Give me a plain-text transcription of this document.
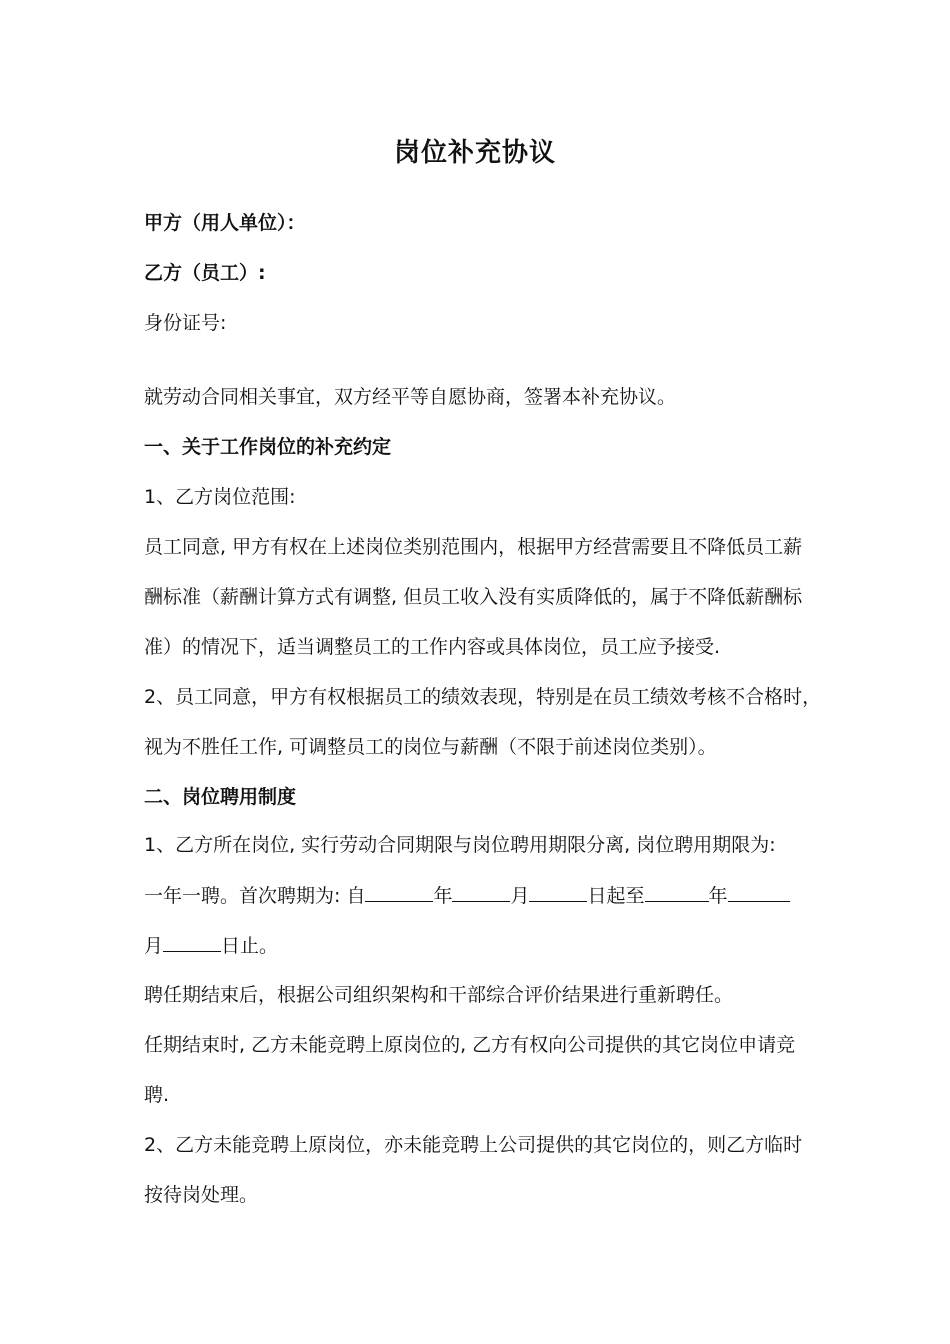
岗位补充协议
甲方（用人单位）：
乙方（员工）:
身份证号:
就劳动合同相关事宜，双方经平等自愿协商，签署本补充协议。
一、关于工作岗位的补充约定
1、乙方岗位范围:
员工同意, 甲方有权在上述岗位类别范围内，根据甲方经营需要且不降低员工薪
酬标准（薪酬计算方式有调整, 但员工收入没有实质降低的，属于不降低薪酬标
准）的情况下，适当调整员工的工作内容或具体岗位，员工应予接受.
2、员工同意，甲方有权根据员工的绩效表现，特别是在员工绩效考核不合格时，
视为不胜任工作, 可调整员工的岗位与薪酬（不限于前述岗位类别）。
二、岗位聘用制度
1、乙方所在岗位, 实行劳动合同期限与岗位聘用期限分离, 岗位聘用期限为:
一年一聘。首次聘期为: 自	年	月	日起至	年
月	日止。
聘任期结束后，根据公司组织架构和干部综合评价结果进行重新聘任。
任期结束时, 乙方未能竞聘上原岗位的, 乙方有权向公司提供的其它岗位申请竞
聘.
2、乙方未能竞聘上原岗位，亦未能竞聘上公司提供的其它岗位的，则乙方临时
按待岗处理。
